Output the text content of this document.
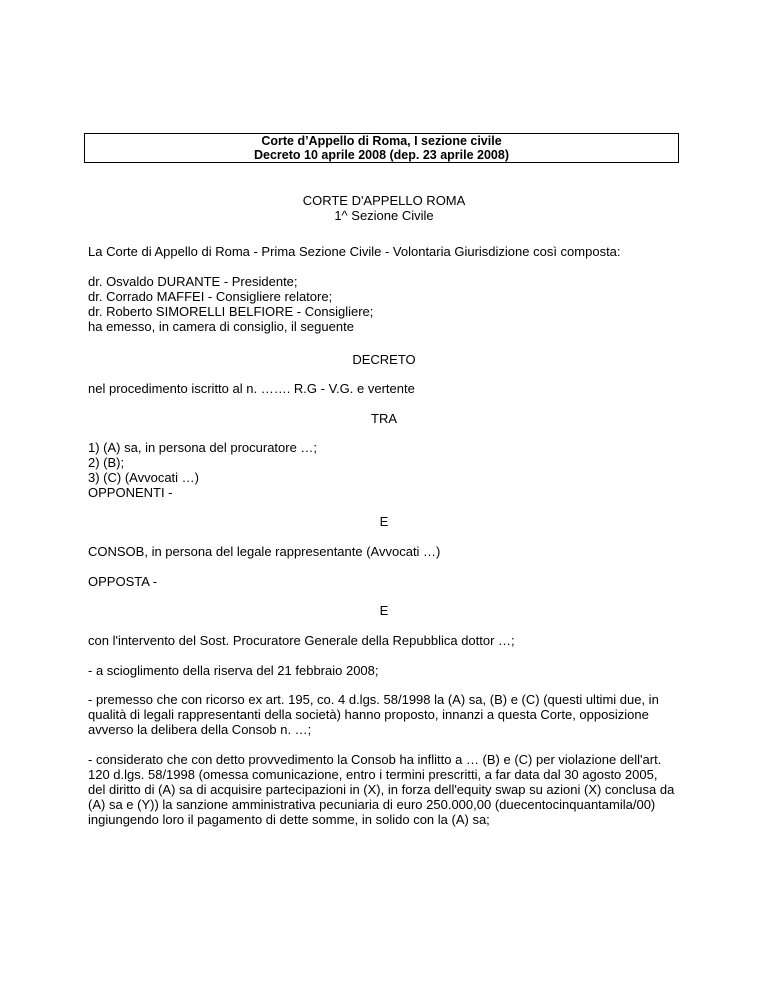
Corte d’Appello di Roma, I sezione civile
Decreto 10 aprile 2008 (dep. 23 aprile 2008)
CORTE D'APPELLO ROMA
1^ Sezione Civile
La Corte di Appello di Roma - Prima Sezione Civile - Volontaria Giurisdizione così composta:
dr. Osvaldo DURANTE - Presidente;
dr. Corrado MAFFEI - Consigliere relatore;
dr. Roberto SIMORELLI BELFIORE - Consigliere;
ha emesso, in camera di consiglio, il seguente
DECRETO
nel procedimento iscritto al n. ……. R.G - V.G. e vertente
TRA
1) (A) sa, in persona del procuratore …;
2) (B);
3) (C) (Avvocati …)
OPPONENTI -
E
CONSOB, in persona del legale rappresentante (Avvocati …)
OPPOSTA -
E
con l'intervento del Sost. Procuratore Generale della Repubblica dottor …;
- a scioglimento della riserva del 21 febbraio 2008;
- premesso che con ricorso ex art. 195, co. 4 d.lgs. 58/1998 la (A) sa, (B) e (C) (questi ultimi due, in
qualità di legali rappresentanti della società) hanno proposto, innanzi a questa Corte, opposizione
avverso la delibera della Consob n. …;
- considerato che con detto provvedimento la Consob ha inflitto a … (B) e (C) per violazione dell'art.
120 d.lgs. 58/1998 (omessa comunicazione, entro i termini prescritti, a far data dal 30 agosto 2005,
del diritto di (A) sa di acquisire partecipazioni in (X), in forza dell'equity swap su azioni (X) conclusa da
(A) sa e (Y)) la sanzione amministrativa pecuniaria di euro 250.000,00 (duecentocinquantamila/00)
ingiungendo loro il pagamento di dette somme, in solido con la (A) sa;
